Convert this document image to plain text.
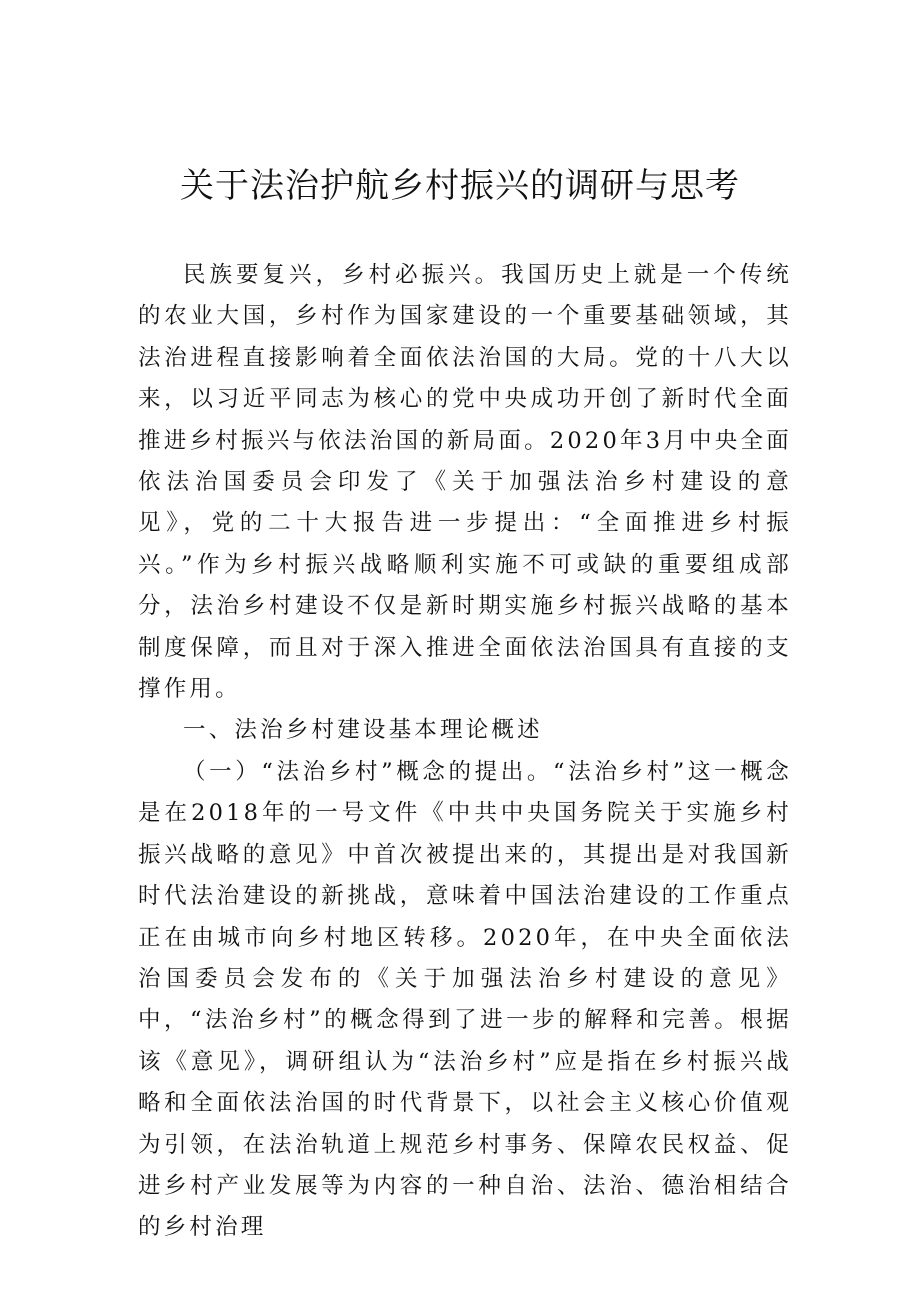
关于法治护航乡村振兴的调研与思考

民族要复兴，乡村必振兴。我国历史上就是一个传统的农业大国，乡村作为国家建设的一个重要基础领域，其法治进程直接影响着全面依法治国的大局。党的十八大以来，以习近平同志为核心的党中央成功开创了新时代全面推进乡村振兴与依法治国的新局面。2020年3月中央全面依法治国委员会印发了《关于加强法治乡村建设的意见》，党的二十大报告进一步提出：“全面推进乡村振兴。”作为乡村振兴战略顺利实施不可或缺的重要组成部分，法治乡村建设不仅是新时期实施乡村振兴战略的基本制度保障，而且对于深入推进全面依法治国具有直接的支撑作用。

一、法治乡村建设基本理论概述

（一）“法治乡村”概念的提出。“法治乡村”这一概念是在2018年的一号文件《中共中央国务院关于实施乡村振兴战略的意见》中首次被提出来的，其提出是对我国新时代法治建设的新挑战，意味着中国法治建设的工作重点正在由城市向乡村地区转移。2020年，在中央全面依法治国委员会发布的《关于加强法治乡村建设的意见》中，“法治乡村”的概念得到了进一步的解释和完善。根据该《意见》，调研组认为“法治乡村”应是指在乡村振兴战略和全面依法治国的时代背景下，以社会主义核心价值观为引领，在法治轨道上规范乡村事务、保障农民权益、促进乡村产业发展等为内容的一种自治、法治、德治相结合的乡村治理
